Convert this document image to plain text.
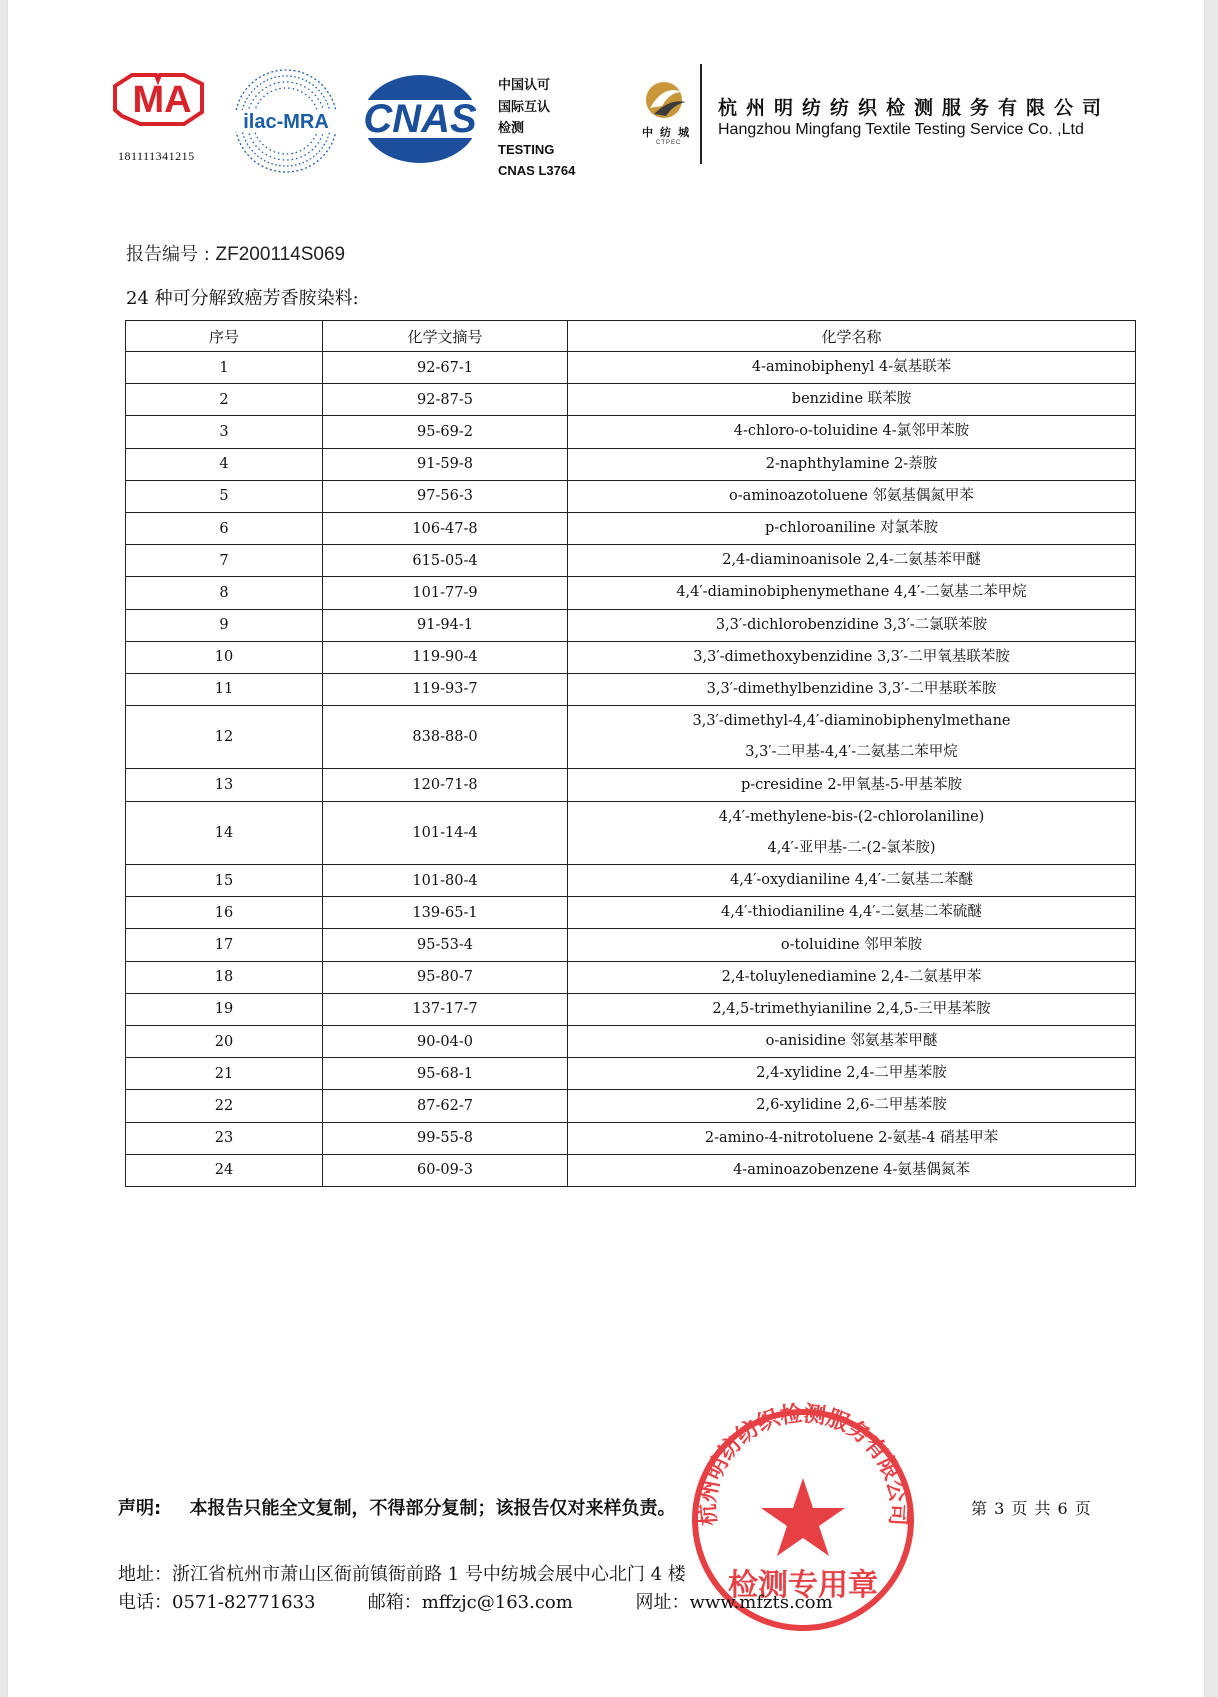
MA
181111341215
ilac-MRA CNAS
中国认可
国际互认
检测
TESTING
CNAS L3764
中 纺 城
CTPEC
杭州明纺纺织检测服务有限公司
Hangzhou Mingfang Textile Testing Service Co. ,Ltd
报告编号 : ZF200114S069
24 种可分解致癌芳香胺染料:
序号	化学文摘号	化学名称
1	92-67-1	4-aminobiphenyl 4-氨基联苯

2	92-87-5	benzidine 联苯胺

3	95-69-2	4-chloro-o-toluidine 4-氯邻甲苯胺

4	91-59-8	2-naphthylamine 2-萘胺

5	97-56-3	o-aminoazotoluene 邻氨基偶氮甲苯

6	106-47-8	p-chloroaniline 对氯苯胺

7	615-05-4	2,4-diaminoanisole 2,4-二氨基苯甲醚

8	101-77-9	4,4′-diaminobiphenymethane 4,4′-二氨基二苯甲烷

9	91-94-1	3,3′-dichlorobenzidine 3,3′-二氯联苯胺

10	119-90-4	3,3′-dimethoxybenzidine 3,3′-二甲氧基联苯胺

11	119-93-7	3,3′-dimethylbenzidine 3,3′-二甲基联苯胺

12	838-88-0	3,3′-dimethyl-4,4′-diaminobiphenylmethane
3,3′-二甲基-4,4′-二氨基二苯甲烷

13	120-71-8	p-cresidine 2-甲氧基-5-甲基苯胺

14	101-14-4	4,4′-methylene-bis-(2-chlorolaniline)
4,4′-亚甲基-二-(2-氯苯胺)

15	101-80-4	4,4′-oxydianiline 4,4′-二氨基二苯醚

16	139-65-1	4,4′-thiodianiline 4,4′-二氨基二苯硫醚

17	95-53-4	o-toluidine 邻甲苯胺

18	95-80-7	2,4-toluylenediamine 2,4-二氨基甲苯

19	137-17-7	2,4,5-trimethyianiline 2,4,5-三甲基苯胺

20	90-04-0	o-anisidine 邻氨基苯甲醚

21	95-68-1	2,4-xylidine 2,4-二甲基苯胺

22	87-62-7	2,6-xylidine 2,6-二甲基苯胺

23	99-55-8	2-amino-4-nitrotoluene 2-氨基-4 硝基甲苯

24	60-09-3	4-aminoazobenzene 4-氨基偶氮苯
杭州明纺纺织检测服务有限公司
检测专用章
声明: 本报告只能全文复制，不得部分复制；该报告仅对来样负责。	第 3 页 共 6 页
地址：浙江省杭州市萧山区衙前镇衙前路 1 号中纺城会展中心北门 4 楼
电话：0571-82771633	邮箱：mffzjc@163.com	网址：www.mfzts.com
